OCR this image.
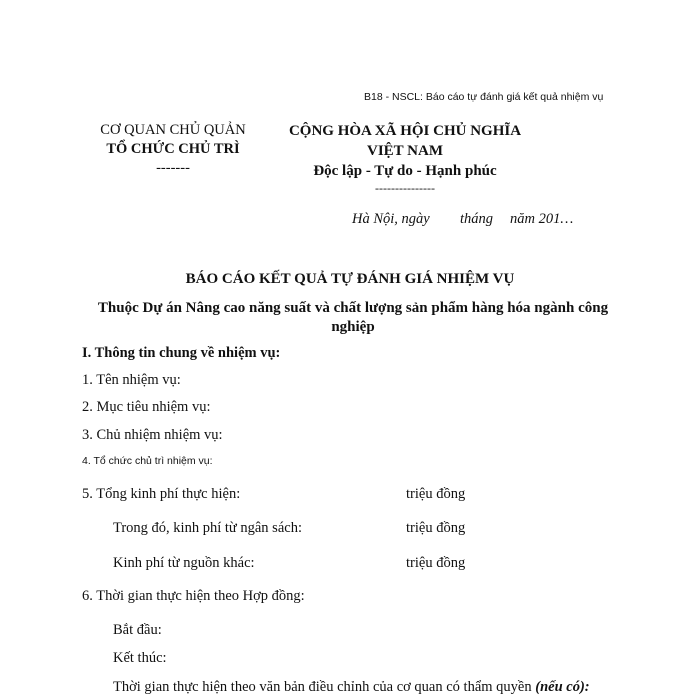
B18 - NSCL: Báo cáo tự đánh giá kết quả nhiệm vụ
CƠ QUAN CHỦ QUẢN
TỔ CHỨC CHỦ TRÌ
-------
CỘNG HÒA XÃ HỘI CHỦ NGHĨA VIỆT NAM
Độc lập - Tự do - Hạnh phúc
---------------
Hà Nội, ngày tháng năm 201…
BÁO CÁO KẾT QUẢ TỰ ĐÁNH GIÁ NHIỆM VỤ
Thuộc Dự án Nâng cao năng suất và chất lượng sản phẩm hàng hóa ngành công nghiệp
I. Thông tin chung về nhiệm vụ:
1. Tên nhiệm vụ:
2. Mục tiêu nhiệm vụ:
3. Chủ nhiệm nhiệm vụ:
4. Tổ chức chủ trì nhiệm vụ:
5. Tổng kinh phí thực hiện:	triệu đồng
Trong đó, kinh phí từ ngân sách:	triệu đồng
Kinh phí từ nguồn khác:	triệu đồng
6. Thời gian thực hiện theo Hợp đồng:
Bắt đầu:
Kết thúc:
Thời gian thực hiện theo văn bản điều chỉnh của cơ quan có thẩm quyền (nếu có):
